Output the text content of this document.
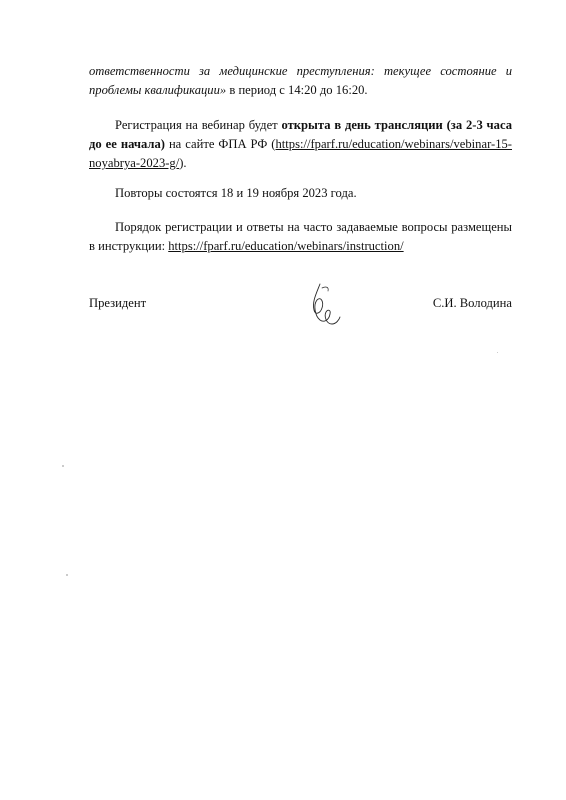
ответственности за медицинские преступления: текущее состояние и проблемы квалификации» в период с 14:20 до 16:20.
Регистрация на вебинар будет открыта в день трансляции (за 2-3 часа до ее начала) на сайте ФПА РФ (https://fparf.ru/education/webinars/vebinar-15-noyabrya-2023-g/).
Повторы состоятся 18 и 19 ноября 2023 года.
Порядок регистрации и ответы на часто задаваемые вопросы размещены в инструкции: https://fparf.ru/education/webinars/instruction/
Президент	С.И. Володина
